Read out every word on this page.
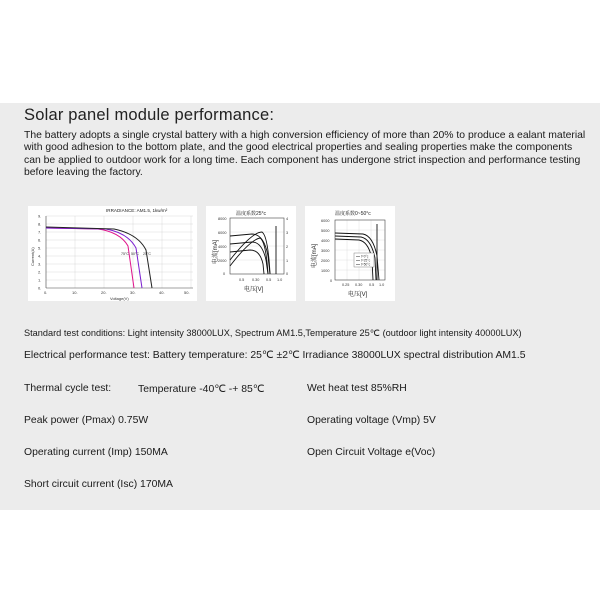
Solar panel module performance:
The battery adopts a single crystal battery with a high conversion efficiency of more than 20% to produce a ealant material with good adhesion to the bottom plate, and the good electrical properties and sealing properties make the components can be applied to outdoor work for a long time. Each component has undergone strict inspection and performance testing before leaving the factory.
IRRADIANCE: AM1.5, 1kw/m²
9.
8.
7.
6.
5.
4.
3.
2.
1.
0.
0.	10.	20.	30.	40.	50.
Voltage(V)
Current(A)	75°C 50°C 25°C
温度系数25°c
8000
6000
4000
2000
0
4
3
2
1
0
0.5 0.30 0.5 1.0
电压[V]
电流[mA]
温度系数0~50°c
6000
5000
4000
3000
2000
1000
0
0.25 0.30 0.5 1.0
电压[V]
电流[mA]	t=0°c
t=25°c
t=50°c
Standard test conditions: Light intensity 38000LUX, Spectrum AM1.5,Temperature 25℃ (outdoor light intensity 40000LUX)
Electrical performance test: Battery temperature: 25℃ ±2℃ Irradiance 38000LUX spectral distribution AM1.5
Thermal cycle test:	Temperature -40℃ -+ 85℃	Wet heat test 85%RH
Peak power (Pmax) 0.75W	Operating voltage (Vmp) 5V
Operating current (Imp) 150MA	Open Circuit Voltage e(Voc)
Short circuit current (Isc) 170MA
